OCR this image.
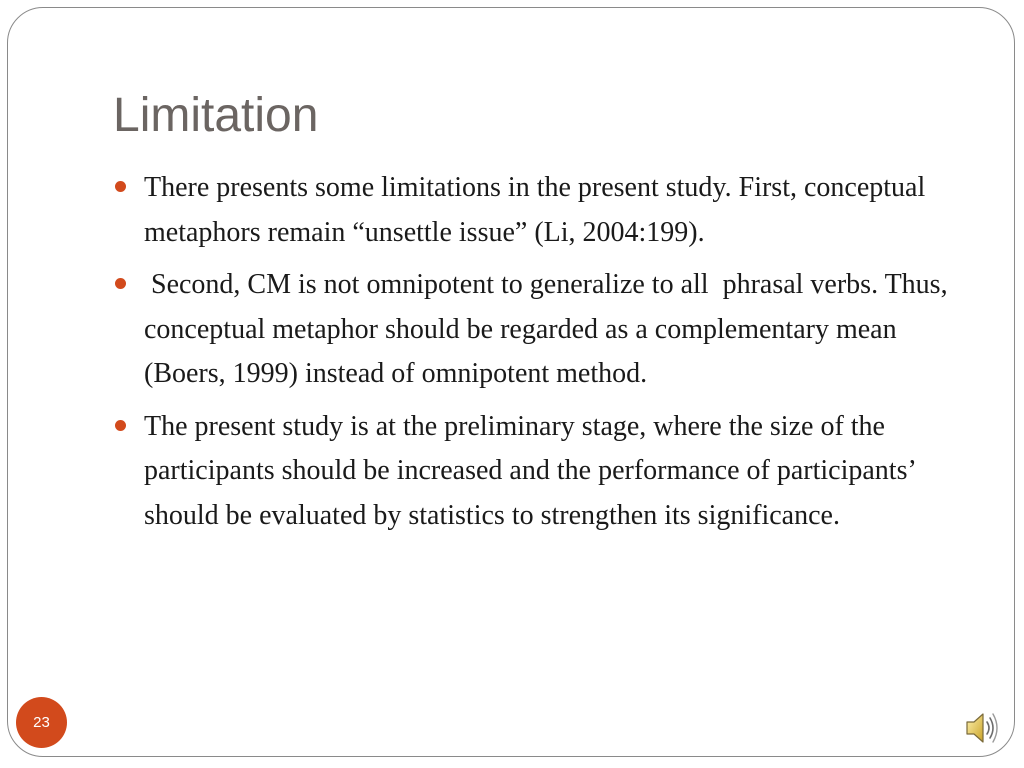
Limitation
There presents some limitations in the present study. First, conceptual metaphors remain “unsettle issue” (Li, 2004:199).
Second, CM is not omnipotent to generalize to all  phrasal verbs. Thus, conceptual metaphor should be regarded as a complementary mean (Boers, 1999) instead of omnipotent method.
The present study is at the preliminary stage, where the size of the participants should be increased and the performance of participants’ should be evaluated by statistics to strengthen its significance.
23
